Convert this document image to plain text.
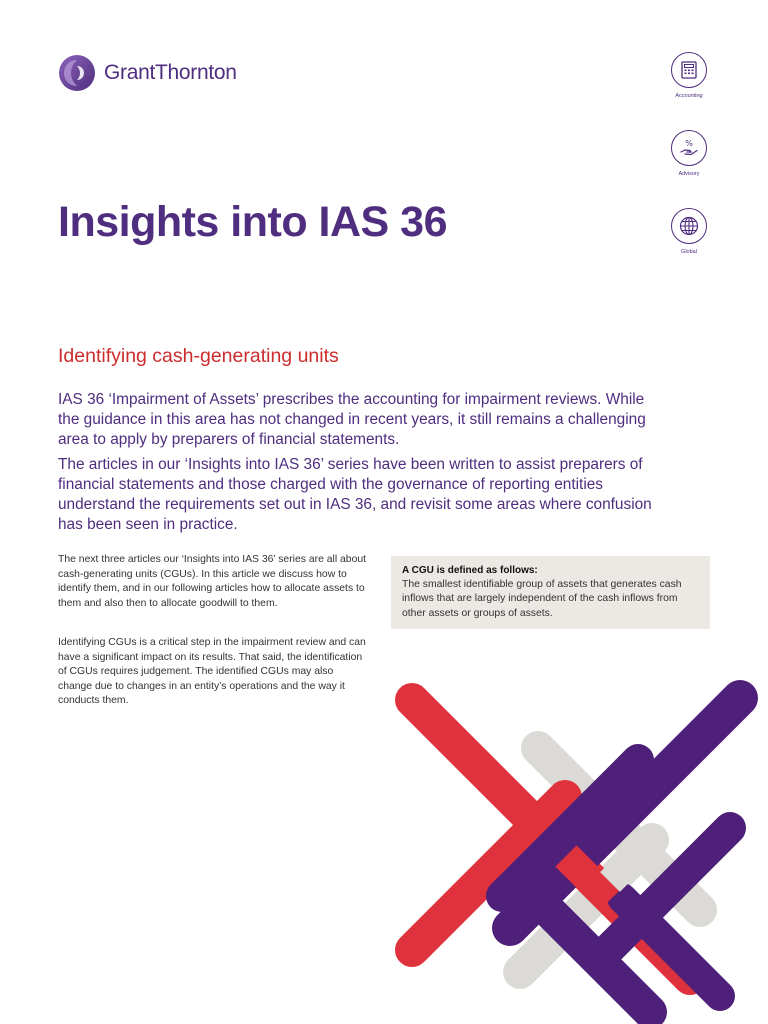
GrantThornton
Accounting
%
Advisory
Global
Insights into IAS 36
Identifying cash-generating units

IAS 36 ‘Impairment of Assets’ prescribes the accounting for impairment reviews. While the guidance in this area has not changed in recent years, it still remains a challenging area to apply by preparers of financial statements.

The articles in our ‘Insights into IAS 36’ series have been written to assist preparers of financial statements and those charged with the governance of reporting entities understand the requirements set out in IAS 36, and revisit some areas where confusion has been seen in practice.

The next three articles our ‘Insights into IAS 36’ series are all about cash-generating units (CGUs). In this article we discuss how to identify them, and in our following articles how to allocate assets to them and also then to allocate goodwill to them.

Identifying CGUs is a critical step in the impairment review and can have a significant impact on its results. That said, the identification of CGUs requires judgement. The identified CGUs may also change due to changes in an entity’s operations and the way it conducts them.

A CGU is defined as follows:
The smallest identifiable group of assets that generates cash inflows that are largely independent of the cash inflows from other assets or groups of assets.
